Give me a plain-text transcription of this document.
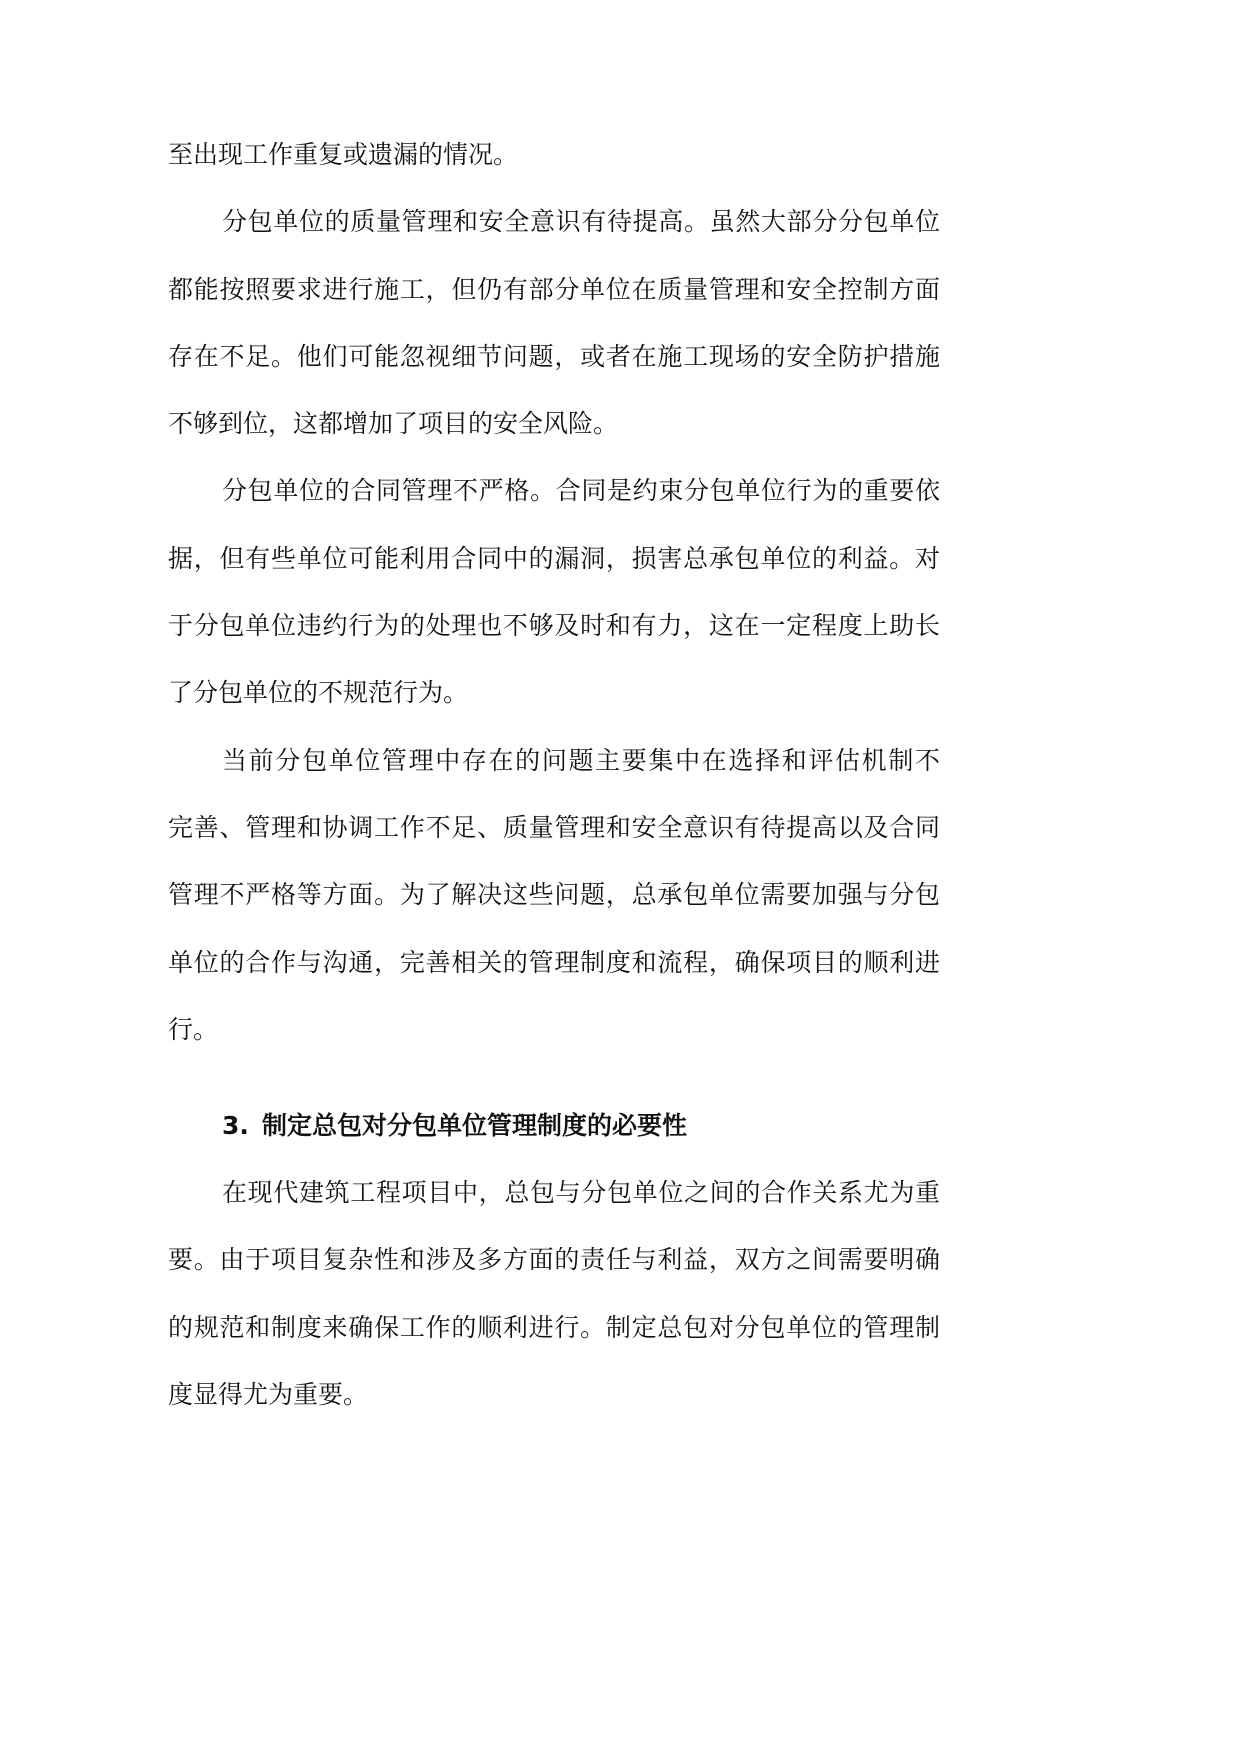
至出现工作重复或遗漏的情况。
分包单位的质量管理和安全意识有待提高。虽然大部分分包单位
都能按照要求进行施工，但仍有部分单位在质量管理和安全控制方面
存在不足。他们可能忽视细节问题，或者在施工现场的安全防护措施
不够到位，这都增加了项目的安全风险。
分包单位的合同管理不严格。合同是约束分包单位行为的重要依
据，但有些单位可能利用合同中的漏洞，损害总承包单位的利益。对
于分包单位违约行为的处理也不够及时和有力，这在一定程度上助长
了分包单位的不规范行为。
当前分包单位管理中存在的问题主要集中在选择和评估机制不
完善、管理和协调工作不足、质量管理和安全意识有待提高以及合同
管理不严格等方面。为了解决这些问题，总承包单位需要加强与分包
单位的合作与沟通，完善相关的管理制度和流程，确保项目的顺利进
行。
3. 制定总包对分包单位管理制度的必要性
在现代建筑工程项目中，总包与分包单位之间的合作关系尤为重
要。由于项目复杂性和涉及多方面的责任与利益，双方之间需要明确
的规范和制度来确保工作的顺利进行。制定总包对分包单位的管理制
度显得尤为重要。
